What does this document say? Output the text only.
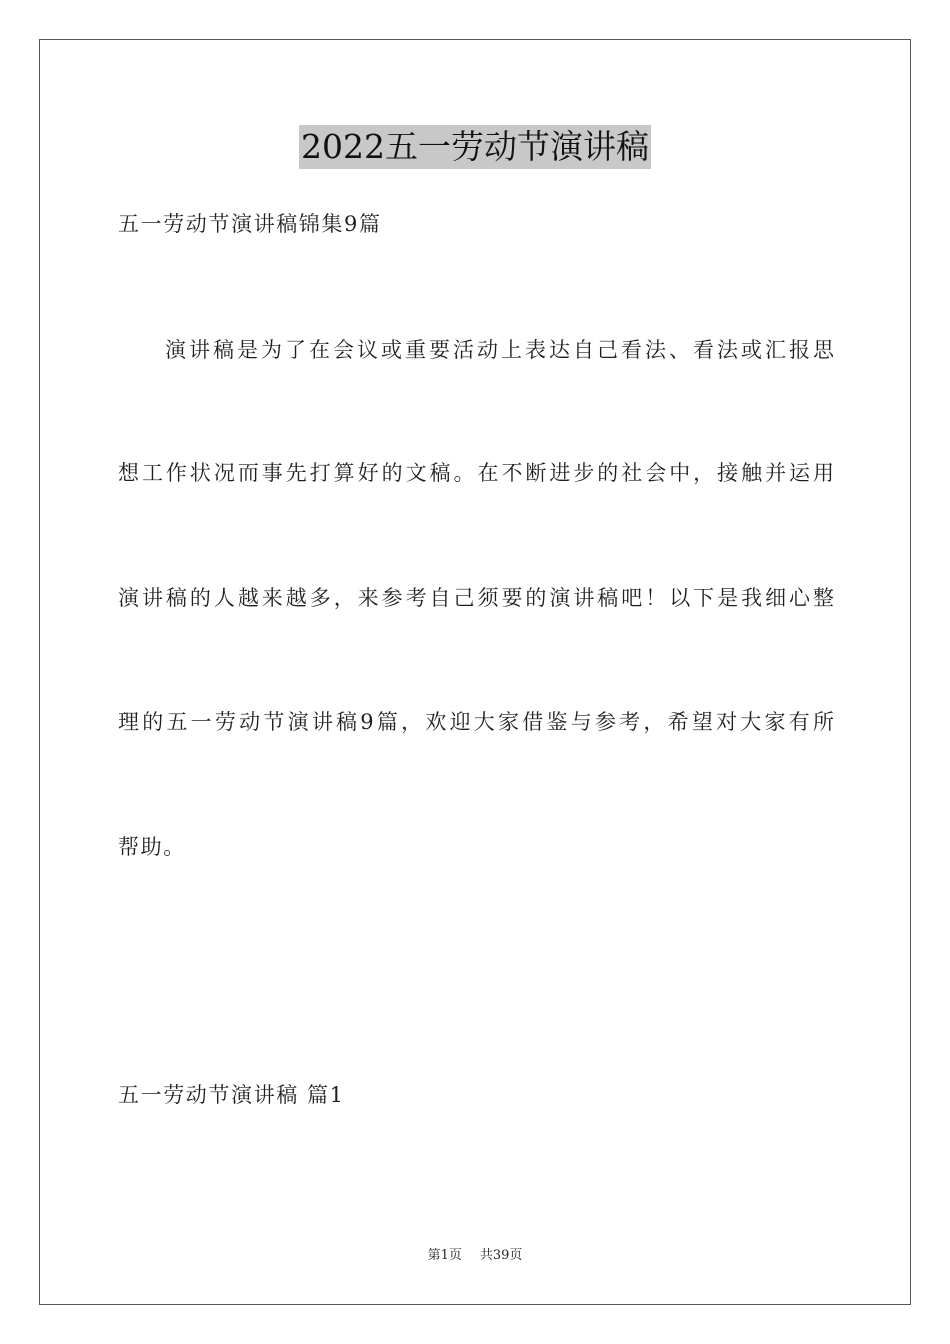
2022五一劳动节演讲稿
五一劳动节演讲稿锦集9篇
演讲稿是为了在会议或重要活动上表达自己看法、看法或汇报思
想工作状况而事先打算好的文稿。在不断进步的社会中，接触并运用
演讲稿的人越来越多，来参考自己须要的演讲稿吧！以下是我细心整
理的五一劳动节演讲稿9篇，欢迎大家借鉴与参考，希望对大家有所
帮助。
五一劳动节演讲稿 篇1
第1页 共39页
